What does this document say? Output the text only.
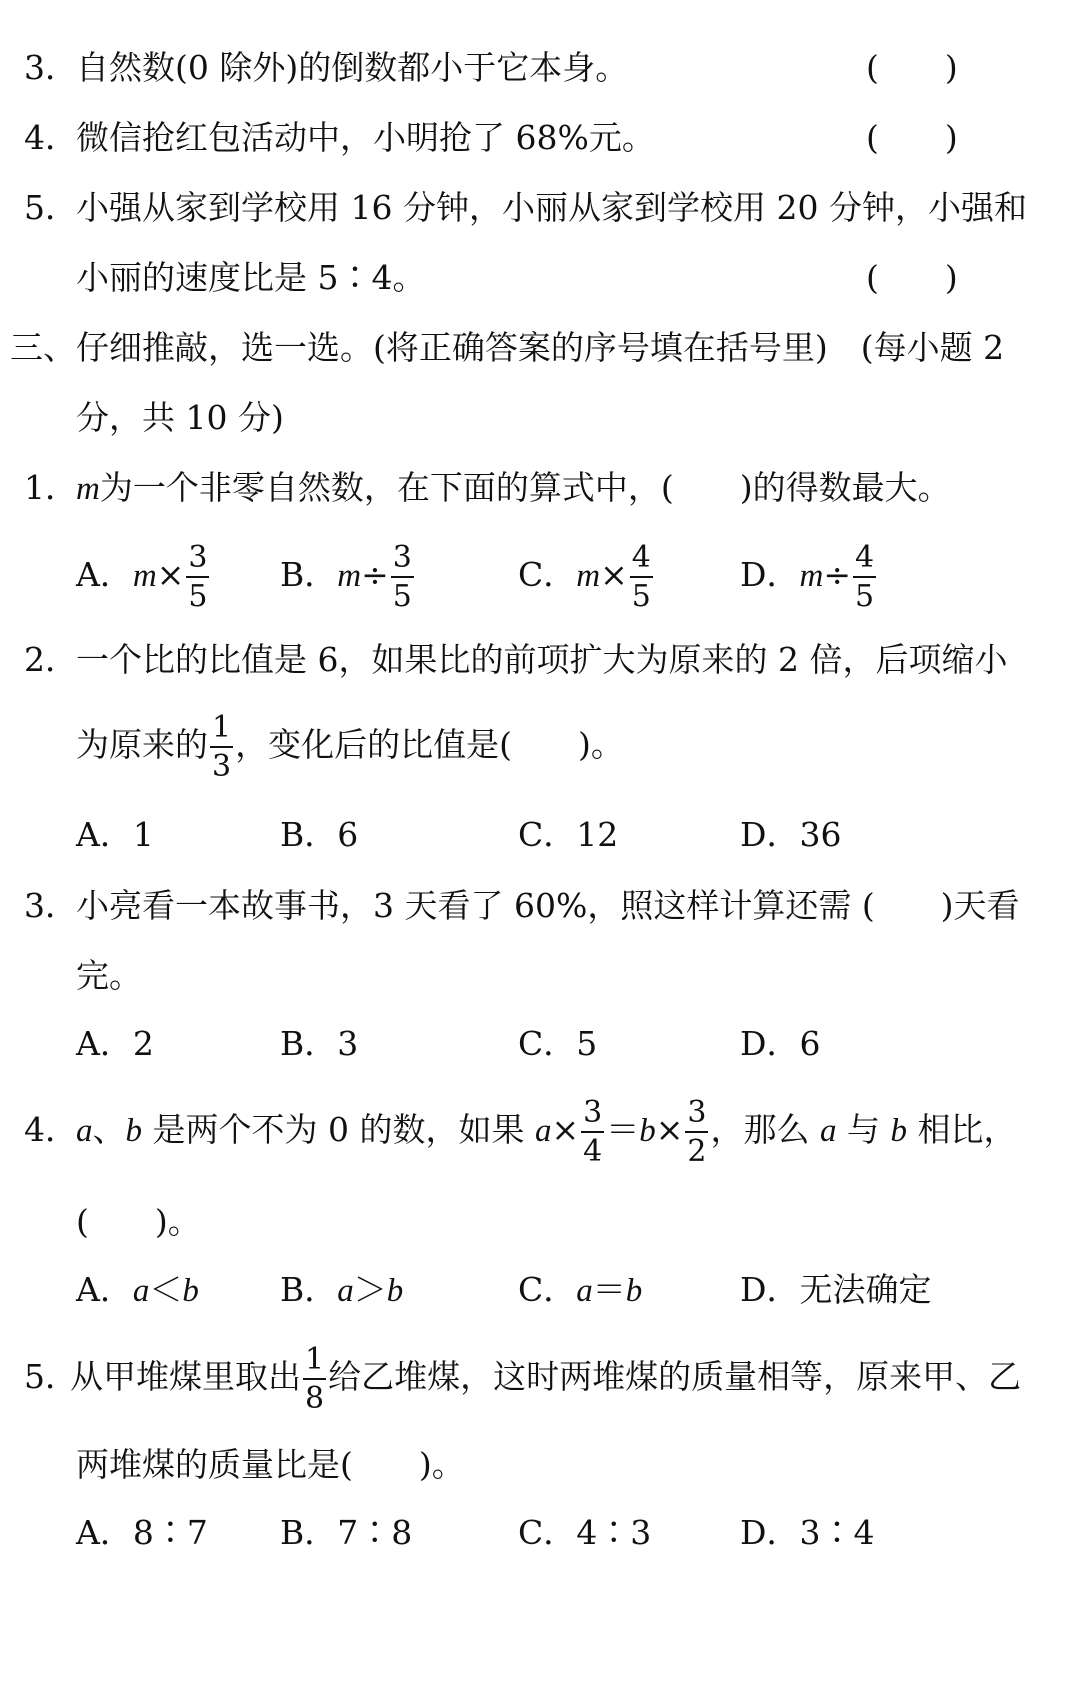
3．
自然数(0 除外)的倒数都小于它本身。	(　　)
4．
微信抢红包活动中，小明抢了 68%元。	(　　)
5．
小强从家到学校用 16 分钟，小丽从家到学校用 20 分钟，小强和
小丽的速度比是 5∶4。	(　　)
三、 仔细推敲，选一选。(将正确答案的序号填在括号里)　(每小题 2
分，共 10 分)
1．
m为一个非零自然数，在下面的算式中，(　　)的得数最大。
A．$m\times \frac{3}{5}$ B．$m\div \frac{3}{5}$	C．$m\times \frac{4}{5}$	D．$m\div \frac{4}{5}$
2．
一个比的比值是 6，如果比的前项扩大为原来的 2 倍，后项缩小
为原来的 $\frac{1}{3}$ ，变化后的比值是(　　)。
A．1	B．6	C．12	D．36
3．
小亮看一本故事书，3 天看了 60%，照这样计算还需 (　　)天看
完。
A．2	B．3	C．5	D．6
4．
a、b 是两个不为 0 的数，如果 $a\times \frac{3}{4} =b\times \frac{3}{2}$ ，那么 a 与 b 相比，
(　　)。
A．a＜b B．a＞b	C．a＝b	D．无法确定
5．
从甲堆煤里取出 $\frac{1}{8}$ 给乙堆煤，这时两堆煤的质量相等，原来甲、乙
两堆煤的质量比是(　　)。
A．8∶7 B．7∶8	C．4∶3	D．3∶4
